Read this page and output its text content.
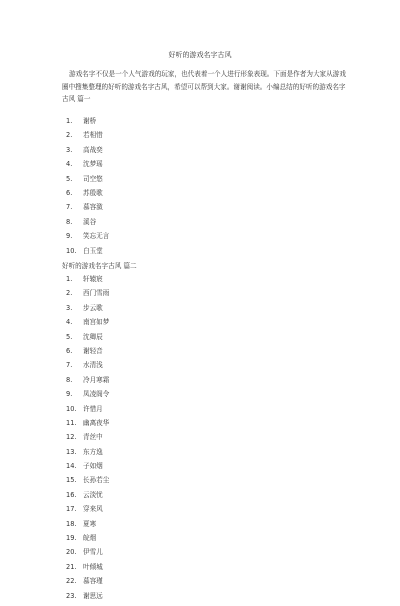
好听的游戏名字古风
游戏名字不仅是一个人气游戏的玩家，也代表着一个人进行形象表现。下面是作者为大家从游戏圈中搜集整理的好听的游戏名字古风，希望可以帮到大家。谢谢阅读。小编总结的好听的游戏名字古风 篇一
1. 谢桥
2. 若相惜
3. 高战奕
4. 沈梦瑶
5. 司空悠
6. 苏殷歌
7. 慕容潋
8. 溪谷
9. 笑忘无言
10. 白玉堂
好听的游戏名字古风 篇二
1. 轩辕宸
2. 西门雪雨
3. 步云歌
4. 南宫如梦
5. 沈卿辰
6. 谢轻音
7. 水清浅
8. 冷月寒霜
9. 凤凌阁令
10. 许惜月
11. 幽离夜华
12. 青丝中
13. 东方逸
14. 子如烟
15. 长孙若尘
16. 云淡忧
17. 穿来风
18. 夏寒
19. 皖烟
20. 伊雪儿
21. 叶倾城
22. 慕容瑾
23. 谢思远
